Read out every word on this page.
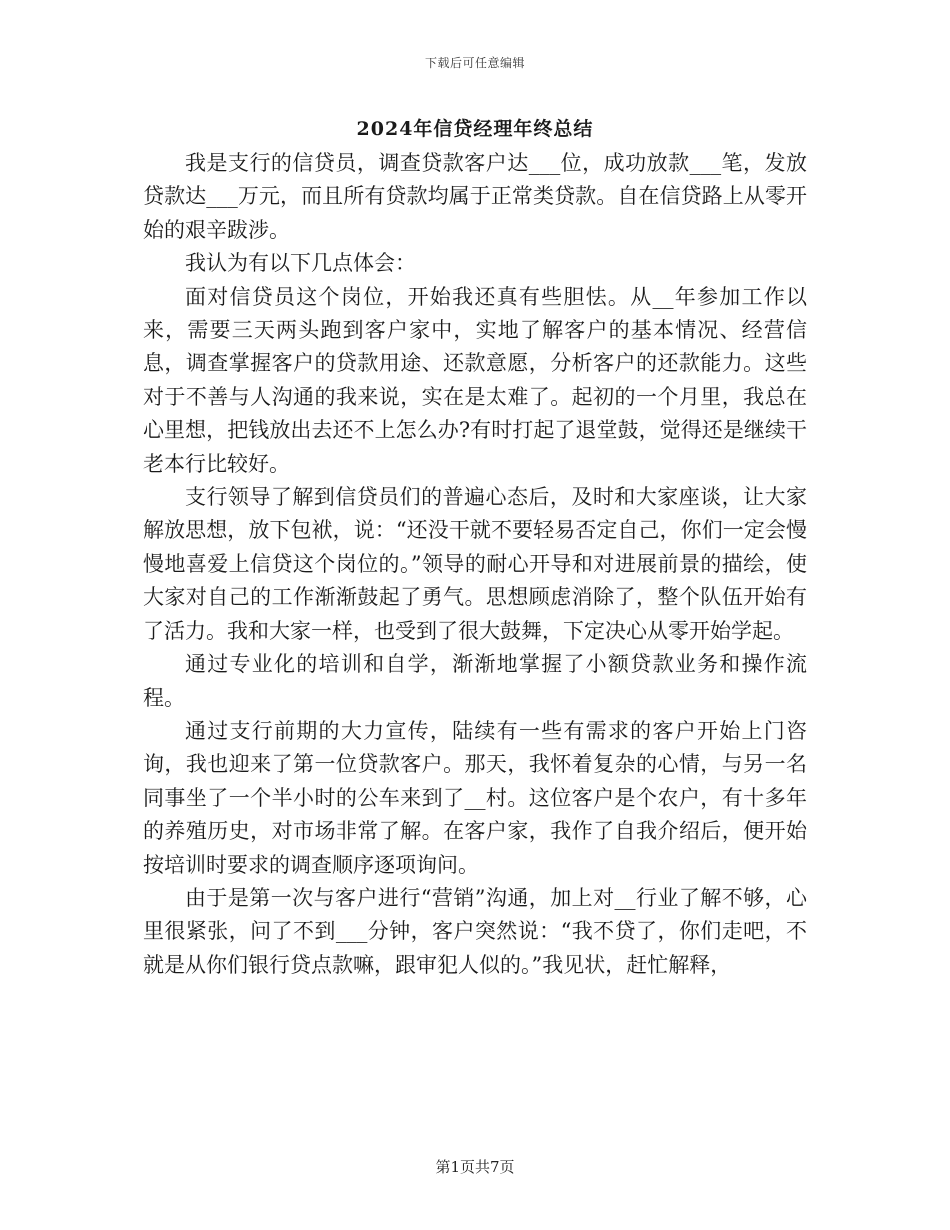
下载后可任意编辑
2024年信贷经理年终总结

我是支行的信贷员，调查贷款客户达___位，成功放款___笔，发放贷款达___万元，而且所有贷款均属于正常类贷款。自在信贷路上从零开始的艰辛跋涉。

我认为有以下几点体会：

面对信贷员这个岗位，开始我还真有些胆怯。从__年参加工作以来，需要三天两头跑到客户家中，实地了解客户的基本情况、经营信息，调查掌握客户的贷款用途、还款意愿，分析客户的还款能力。这些对于不善与人沟通的我来说，实在是太难了。起初的一个月里，我总在心里想，把钱放出去还不上怎么办?有时打起了退堂鼓，觉得还是继续干老本行比较好。

支行领导了解到信贷员们的普遍心态后，及时和大家座谈，让大家解放思想，放下包袱，说：“还没干就不要轻易否定自己，你们一定会慢慢地喜爱上信贷这个岗位的。”领导的耐心开导和对进展前景的描绘，使大家对自己的工作渐渐鼓起了勇气。思想顾虑消除了，整个队伍开始有了活力。我和大家一样，也受到了很大鼓舞，下定决心从零开始学起。

通过专业化的培训和自学，渐渐地掌握了小额贷款业务和操作流程。

通过支行前期的大力宣传，陆续有一些有需求的客户开始上门咨询，我也迎来了第一位贷款客户。那天，我怀着复杂的心情，与另一名同事坐了一个半小时的公车来到了__村。这位客户是个农户，有十多年的养殖历史，对市场非常了解。在客户家，我作了自我介绍后，便开始按培训时要求的调查顺序逐项询问。

由于是第一次与客户进行“营销”沟通，加上对__行业了解不够，心里很紧张，问了不到___分钟，客户突然说：“我不贷了，你们走吧，不就是从你们银行贷点款嘛，跟审犯人似的。”我见状，赶忙解释，

第1页共7页
